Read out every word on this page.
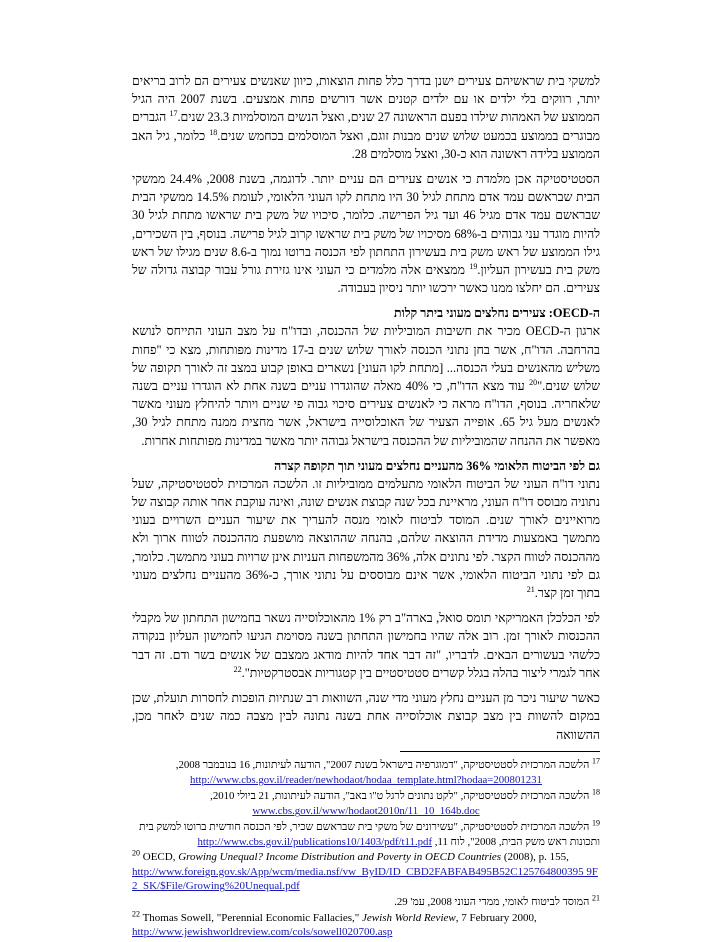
למשקי בית שראשיהם צעירים ישנן בדרך כלל פחות הוצאות, כיוון שאנשים צעירים הם לרוב בריאים יותר, רווקים בלי ילדים או עם ילדים קטנים אשר דורשים פחות אמצעים. בשנת 2007 היה הגיל הממוצע של האמהות שילדו בפעם הראשונה 27 שנים, ואצל הנשים המוסלמיות 23.3 שנים.$^{17}$ הגברים מבוגרים בממוצע בכמעט שלוש שנים מבנות זוגם, ואצל המוסלמים בכחמש שנים.$^{18}$ כלומר, גיל האב הממוצע בלידה ראשונה הוא כ-30, ואצל מוסלמים 28.

הסטטיסטיקה אכן מלמדת כי אנשים צעירים הם עניים יותר. לדוגמה, בשנת 2008, 24.4% ממשקי הבית שבראשם עמד אדם מתחת לגיל 30 היו מתחת לקו העוני הלאומי, לעומת 14.5% ממשקי הבית שבראשם עמד אדם מגיל 46 ועד גיל הפרישה. כלומר, סיכויו של משק בית שראשו מתחת לגיל 30 להיות מוגדר עני גבוהים ב-68% מסיכויו של משק בית שראשו קרוב לגיל פרישה. בנוסף, בין השכירים, גילו הממוצע של ראש משק בית בעשירון התחתון לפי הכנסה ברוטו נמוך ב-8.6 שנים מגילו של ראש משק בית בעשירון העליון.$^{19}$ ממצאים אלה מלמדים כי העוני אינו גזירת גורל עבור קבוצה גדולה של צעירים. הם יחלצו ממנו כאשר ירכשו יותר ניסיון בעבודה.

ה-OECD: צעירים נחלצים מעוני ביתר קלות

ארגון ה-OECD מכיר את חשיבות המוביליות של ההכנסה, ובדו"ח על מצב העוני התייחס לנושא בהרחבה. הדו"ח, אשר בחן נתוני הכנסה לאורך שלוש שנים ב-17 מדינות מפותחות, מצא כי "פחות משליש מהאנשים בעלי הכנסה... [מתחת לקו העוני] נשארים באופן קבוע במצב זה לאורך תקופה של שלוש שנים."$^{20}$ עוד מצא הדו"ח, כי 40% מאלה שהוגדרו עניים בשנה אחת לא הוגדרו עניים בשנה שלאחריה. בנוסף, הדו"ח מראה כי לאנשים צעירים סיכוי גבוה פי שניים ויותר להיחלץ מעוני מאשר לאנשים מעל גיל 65. אופייה הצעיר של האוכלוסייה בישראל, אשר מחצית ממנה מתחת לגיל 30, מאפשר את ההנחה שהמוביליות של ההכנסה בישראל גבוהה יותר מאשר במדינות מפותחות אחרות.

גם לפי הביטוח הלאומי 36% מהעניים נחלצים מעוני תוך תקופה קצרה

נתוני דו"ח העוני של הביטוח הלאומי מתעלמים ממוביליות זו. הלשכה המרכזית לסטטיסטיקה, שעל נתוניה מבוסס דו"ח העוני, מראיינת בכל שנה קבוצת אנשים שונה, ואינה עוקבת אחר אותה קבוצה של מרואיינים לאורך שנים. המוסד לביטוח לאומי מנסה להעריך את שיעור העניים השרויים בעוני מתמשך באמצעות מדידת ההוצאה שלהם, בהנחה שההוצאה מושפעת מההכנסה לטווח ארוך ולא מההכנסה לטווח הקצר. לפי נתונים אלה, 36% מהמשפחות העניות אינן שרויות בעוני מתמשך. כלומר, גם לפי נתוני הביטוח הלאומי, אשר אינם מבוססים על נתוני אורך, כ-36% מהעניים נחלצים מעוני בתוך זמן קצר.$^{21}$

לפי הכלכלן האמריקאי תומס סואל, בארה"ב רק 1% מהאוכלוסייה נשאר בחמישון התחתון של מקבלי ההכנסות לאורך זמן. רוב אלה שהיו בחמישון התחתון בשנה מסוימת הגיעו לחמישון העליון בנקודה כלשהי בעשורים הבאים. לדבריו, "זה דבר אחד להיות מודאג ממצבם של אנשים בשר ודם. זה דבר אחר לגמרי ליצור בהלה בגלל קשרים סטטיסטיים בין קטגוריות אבסטרקטיות".$^{22}$

כאשר שיעור ניכר מן העניים נחלץ מעוני מדי שנה, השוואות רב שנתיות הופכות לחסרות תועלת, שכן במקום להשוות בין מצב קבוצת אוכלוסייה אחת בשנה נתונה לבין מצבה כמה שנים לאחר מכן, ההשוואה

$^{17}$ הלשכה המרכזית לסטטיסטיקה, "דמוגרפיה בישראל בשנת 2007", הודעה לעיתונות, 16 בנובמבר 2008,
http://www.cbs.gov.il/reader/newhodaot/hodaa_template.html?hodaa=200801231
$^{18}$ הלשכה המרכזית לסטטיסטיקה, "לקט נתונים לרגל ט"ו באב", הודעה לעיתונות, 21 ביולי 2010,
www.cbs.gov.il/www/hodaot2010n/11_10_164b.doc
$^{19}$ הלשכה המרכזית לסטטיסטיקה, "עשירונים של משקי בית שבראשם שכיר, לפי הכנסה חודשית ברוטו למשק בית ותכונות ראש משק הבית, 2008", לוח 11, http://www.cbs.gov.il/publications10/1403/pdf/t11.pdf
$^{20}$ OECD, Growing Unequal? Income Distribution and Poverty in OECD Countries (2008), p. 155,
http://www.foreign.gov.sk/App/wcm/media.nsf/vw_ByID/ID_CBD2FABFAB495B52C125764800395 9F2_SK/$File/Growing%20Unequal.pdf
$^{21}$ המוסד לביטוח לאומי, ממדי העוני 2008, עמ' 29.
$^{22}$ Thomas Sowell, "Perennial Economic Fallacies," Jewish World Review, 7 February 2000,
http://www.jewishworldreview.com/cols/sowell020700.asp
